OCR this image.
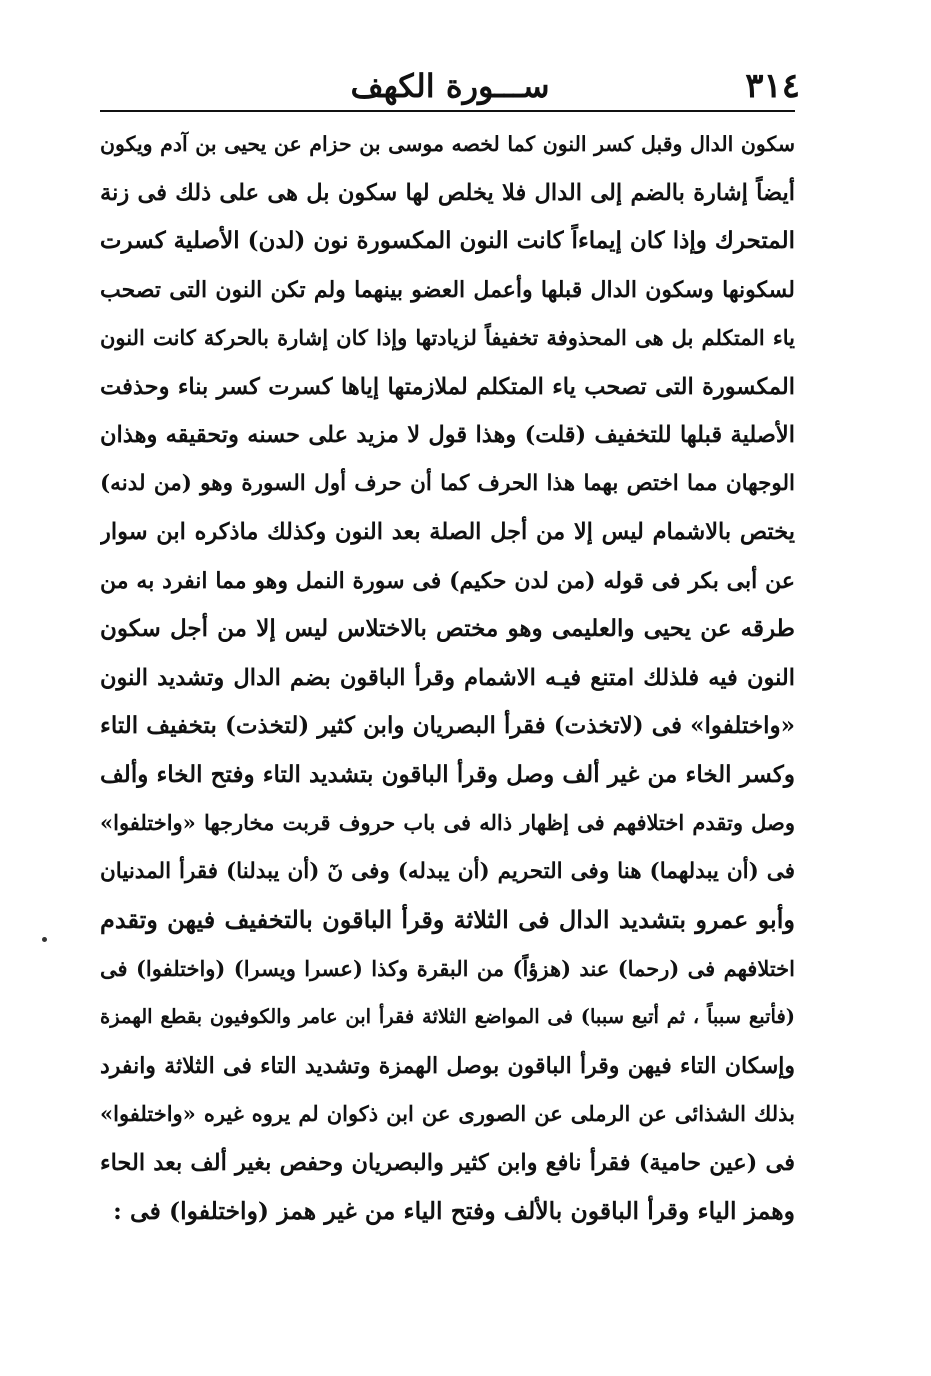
٣١٤
ســـورة الكهف
سكون الدال وقبل كسر النون كما لخصه موسى بن حزام عن يحيى بن آدم ويكون
أيضاً إشارة بالضم إلى الدال فلا يخلص لها سكون بل هى على ذلك فى زنة
المتحرك وإذا كان إيماءاً كانت النون المكسورة نون (لدن) الأصلية كسرت
لسكونها وسكون الدال قبلها وأعمل العضو بينهما ولم تكن النون التى تصحب
ياء المتكلم بل هى المحذوفة تخفيفاً لزيادتها وإذا كان إشارة بالحركة كانت النون
المكسورة التى تصحب ياء المتكلم لملازمتها إياها كسرت كسر بناء وحذفت
الأصلية قبلها للتخفيف (قلت) وهذا قول لا مزيد على حسنه وتحقيقه وهذان
الوجهان مما اختص بهما هذا الحرف كما أن حرف أول السورة وهو (من لدنه)
يختص بالاشمام ليس إلا من أجل الصلة بعد النون وكذلك ماذكره ابن سوار
عن أبى بكر فى قوله (من لدن حكيم) فى سورة النمل وهو مما انفرد به من
طرقه عن يحيى والعليمى وهو مختص بالاختلاس ليس إلا من أجل سكون
النون فيه فلذلك امتنع فيـه الاشمام وقرأ الباقون بضم الدال وتشديد النون
«واختلفوا» فى (لاتخذت) فقرأ البصريان وابن كثير (لتخذت) بتخفيف التاء
وكسر الخاء من غير ألف وصل وقرأ الباقون بتشديد التاء وفتح الخاء وألف
وصل وتقدم اختلافهم فى إظهار ذاله فى باب حروف قربت مخارجها «واختلفوا»
فى (أن يبدلهما) هنا وفى التحريم (أن يبدله) وفى نٓ (أن يبدلنا) فقرأ المدنيان
وأبو عمرو بتشديد الدال فى الثلاثة وقرأ الباقون بالتخفيف فيهن وتقدم
اختلافهم فى (رحما) عند (هزؤاً) من البقرة وكذا (عسرا ويسرا) (واختلفوا) فى
(فأتبع سبباً ، ثم أتبع سببا) فى المواضع الثلاثة فقرأ ابن عامر والكوفيون بقطع الهمزة
وإسكان التاء فيهن وقرأ الباقون بوصل الهمزة وتشديد التاء فى الثلاثة وانفرد
بذلك الشذائى عن الرملى عن الصورى عن ابن ذكوان لم يروه غيره «واختلفوا»
فى (عين حامية) فقرأ نافع وابن كثير والبصريان وحفص بغير ألف بعد الحاء
وهمز الياء وقرأ الباقون بالألف وفتح الياء من غير همز (واختلفوا) فى :
